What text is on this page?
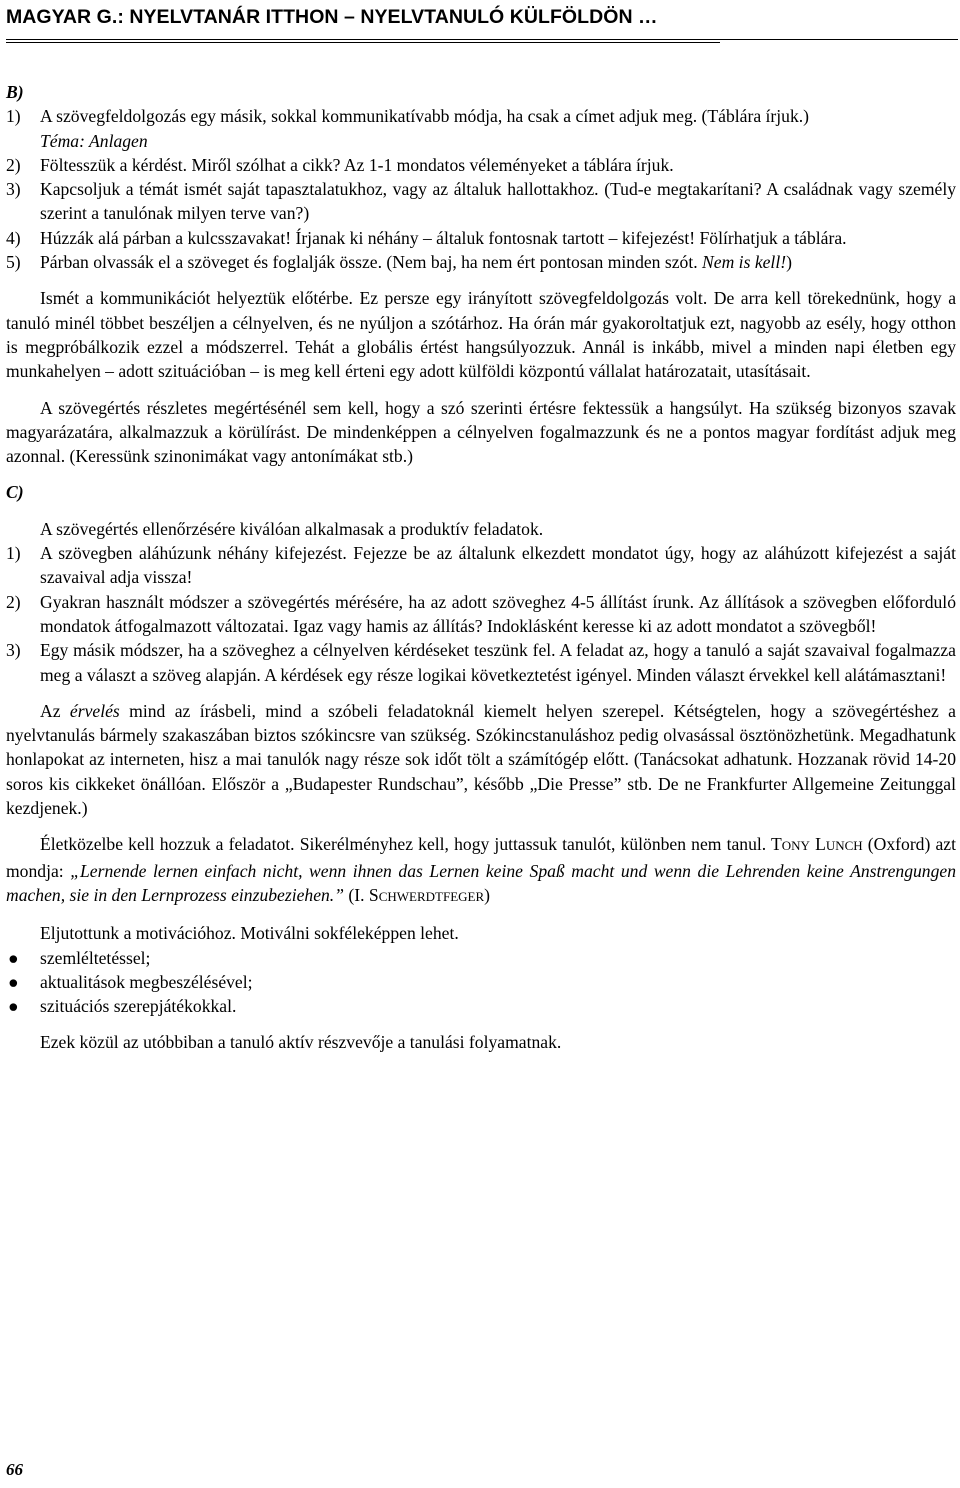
MAGYAR G.: NYELVTANÁR ITTHON – NYELVTANULÓ KÜLFÖLDÖN …
B)
1) A szövegfeldolgozás egy másik, sokkal kommunikatívabb módja, ha csak a címet adjuk meg. (Táblára írjuk.)
Téma: Anlagen
2) Föltesszük a kérdést. Miről szólhat a cikk? Az 1-1 mondatos véleményeket a táblára írjuk.
3) Kapcsoljuk a témát ismét saját tapasztalatukhoz, vagy az általuk hallottakhoz. (Tud-e megtakarítani? A családnak vagy személy szerint a tanulónak milyen terve van?)
4) Húzzák alá párban a kulcsszavakat! Írjanak ki néhány – általuk fontosnak tartott – kifejezést! Fölírhatjuk a táblára.
5) Párban olvassák el a szöveget és foglalják össze. (Nem baj, ha nem ért pontosan minden szót. Nem is kell!)
Ismét a kommunikációt helyeztük előtérbe. Ez persze egy irányított szövegfeldolgozás volt. De arra kell törekednünk, hogy a tanuló minél többet beszéljen a célnyelven, és ne nyúljon a szótárhoz. Ha órán már gyakoroltatjuk ezt, nagyobb az esély, hogy otthon is megpróbálkozik ezzel a módszerrel. Tehát a globális értést hangsúlyozzuk. Annál is inkább, mivel a minden napi életben egy munkahelyen – adott szituációban – is meg kell érteni egy adott külföldi központú vállalat határozatait, utasításait.
A szövegértés részletes megértésénél sem kell, hogy a szó szerinti értésre fektessük a hangsúlyt. Ha szükség bizonyos szavak magyarázatára, alkalmazzuk a körülírást. De mindenképpen a célnyelven fogalmazzunk és ne a pontos magyar fordítást adjuk meg azonnal. (Keressünk szinonimákat vagy antonímákat stb.)
C)
A szövegértés ellenőrzésére kiválóan alkalmasak a produktív feladatok.
1) A szövegben aláhúzunk néhány kifejezést. Fejezze be az általunk elkezdett mondatot úgy, hogy az aláhúzott kifejezést a saját szavaival adja vissza!
2) Gyakran használt módszer a szövegértés mérésére, ha az adott szöveghez 4-5 állítást írunk. Az állítások a szövegben előforduló mondatok átfogalmazott változatai. Igaz vagy hamis az állítás? Indoklásként keresse ki az adott mondatot a szövegből!
3) Egy másik módszer, ha a szöveghez a célnyelven kérdéseket teszünk fel. A feladat az, hogy a tanuló a saját szavaival fogalmazza meg a választ a szöveg alapján. A kérdések egy része logikai következtetést igényel. Minden választ érvekkel kell alátámasztani!
Az érvelés mind az írásbeli, mind a szóbeli feladatoknál kiemelt helyen szerepel. Kétségtelen, hogy a szövegértéshez a nyelvtanulás bármely szakaszában biztos szókincsre van szükség. Szókincstanuláshoz pedig olvasással ösztönözhetünk. Megadhatunk honlapokat az interneten, hisz a mai tanulók nagy része sok időt tölt a számítógép előtt. (Tanácsokat adhatunk. Hozzanak rövid 14-20 soros kis cikkeket önállóan. Először a „Budapester Rundschau”, később „Die Presse” stb. De ne Frankfurter Allgemeine Zeitunggal kezdjenek.)
Életközelbe kell hozzuk a feladatot. Sikerélményhez kell, hogy juttassuk tanulót, különben nem tanul. TONY LUNCH (Oxford) azt mondja: „Lernende lernen einfach nicht, wenn ihnen das Lernen keine Spaß macht und wenn die Lehrenden keine Anstrengungen machen, sie in den Lernprozess einzubeziehen.” (I. SCHWERDTFEGER)
Eljutottunk a motivációhoz. Motiválni sokféleképpen lehet.
● szemléltetéssel;
● aktualitások megbeszélésével;
● szituációs szerepjátékokkal.
Ezek közül az utóbbiban a tanuló aktív részvevője a tanulási folyamatnak.
66
